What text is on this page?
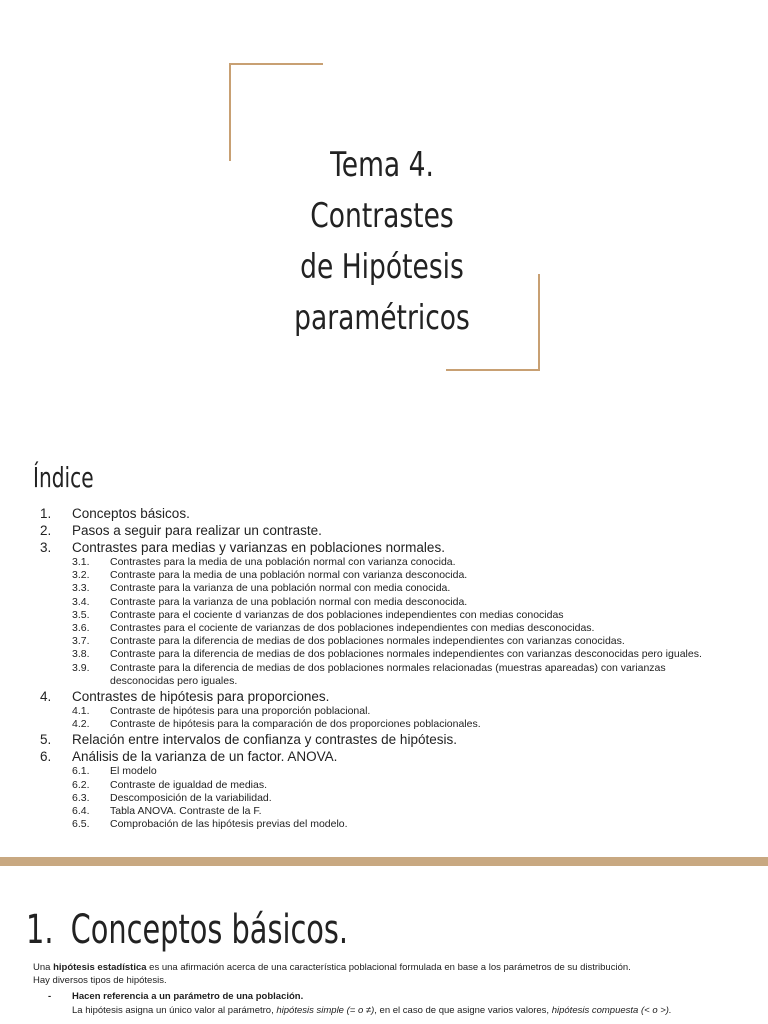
Tema 4. Contrastes
de Hipótesis
paramétricos
Índice
1. Conceptos básicos.
2. Pasos a seguir para realizar un contraste.
3. Contrastes para medias y varianzas en poblaciones normales.
3.1. Contrastes para la media de una población normal con varianza conocida.
3.2. Contraste para la media de una población normal con varianza desconocida.
3.3. Contraste para la varianza de una población normal con media conocida.
3.4. Contraste para la varianza de una población normal con media desconocida.
3.5. Contraste para el cociente d varianzas de dos poblaciones independientes con medias conocidas
3.6. Contrastes para el cociente de varianzas de dos poblaciones independientes con medias desconocidas.
3.7. Contraste para la diferencia de medias de dos poblaciones normales independientes con varianzas conocidas.
3.8. Contraste para la diferencia de medias de dos poblaciones normales independientes con varianzas desconocidas pero iguales.
3.9. Contraste para la diferencia de medias de dos poblaciones normales relacionadas (muestras apareadas) con varianzas desconocidas pero iguales.
4. Contrastes de hipótesis para proporciones.
4.1. Contraste de hipótesis para una proporción poblacional.
4.2. Contraste de hipótesis para la comparación de dos proporciones poblacionales.
5. Relación entre intervalos de confianza y contrastes de hipótesis.
6. Análisis de la varianza de un factor. ANOVA.
6.1. El modelo
6.2. Contraste de igualdad de medias.
6.3. Descomposición de la variabilidad.
6.4. Tabla ANOVA. Contraste de la F.
6.5. Comprobación de las hipótesis previas del modelo.
1. Conceptos básicos.
Una hipótesis estadística es una afirmación acerca de una característica poblacional formulada en base a los parámetros de su distribución.
Hay diversos tipos de hipótesis.
- Hacen referencia a un parámetro de una población.
La hipótesis asigna un único valor al parámetro, hipótesis simple (= o ≠), en el caso de que asigne varios valores, hipótesis compuesta (< o >).
